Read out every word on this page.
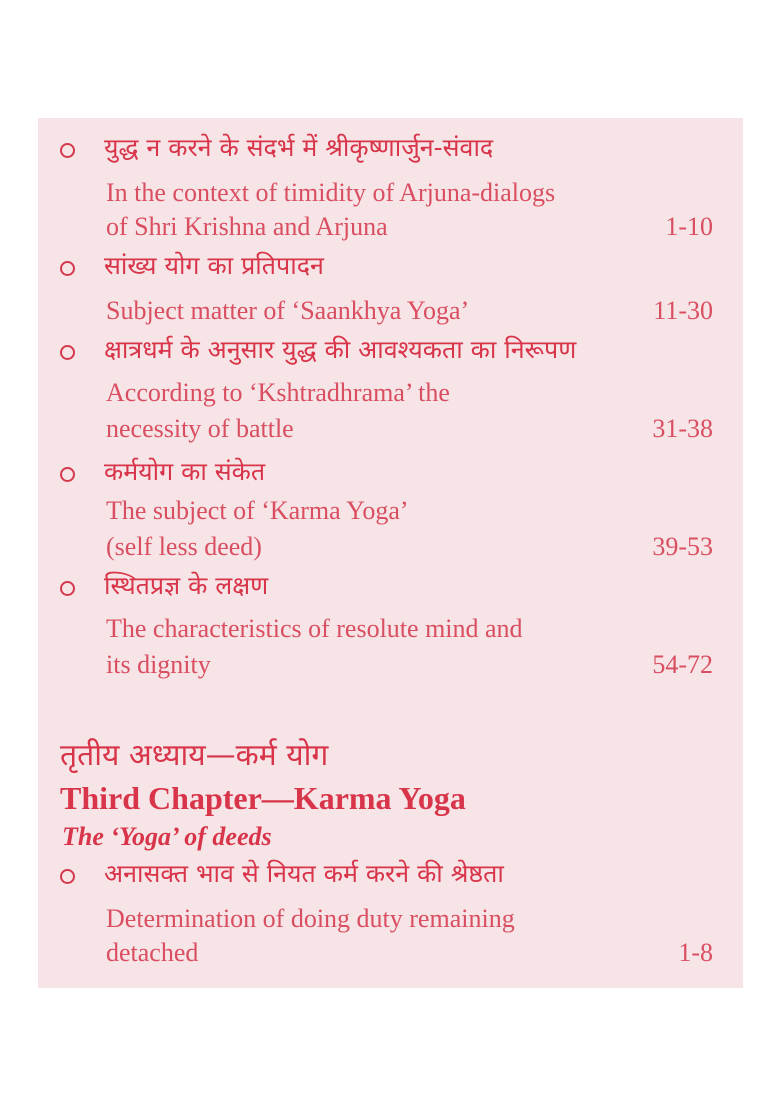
युद्ध न करने के संदर्भ में श्रीकृष्णार्जुन-संवाद
In the context of timidity of Arjuna-dialogs
of Shri Krishna and Arjuna	1-10
सांख्य योग का प्रतिपादन
Subject matter of ‘Saankhya Yoga’	11-30
क्षात्रधर्म के अनुसार युद्ध की आवश्यकता का निरूपण
According to ‘Kshtradhrama’ the
necessity of battle	31-38
कर्मयोग का संकेत
The subject of ‘Karma Yoga’
(self less deed)	39-53
स्थितप्रज्ञ के लक्षण
The characteristics of resolute mind and
its dignity	54-72
तृतीय अध्याय—कर्म योग
Third Chapter—Karma Yoga
The ‘Yoga’ of deeds
अनासक्त भाव से नियत कर्म करने की श्रेष्ठता
Determination of doing duty remaining
detached	1-8
